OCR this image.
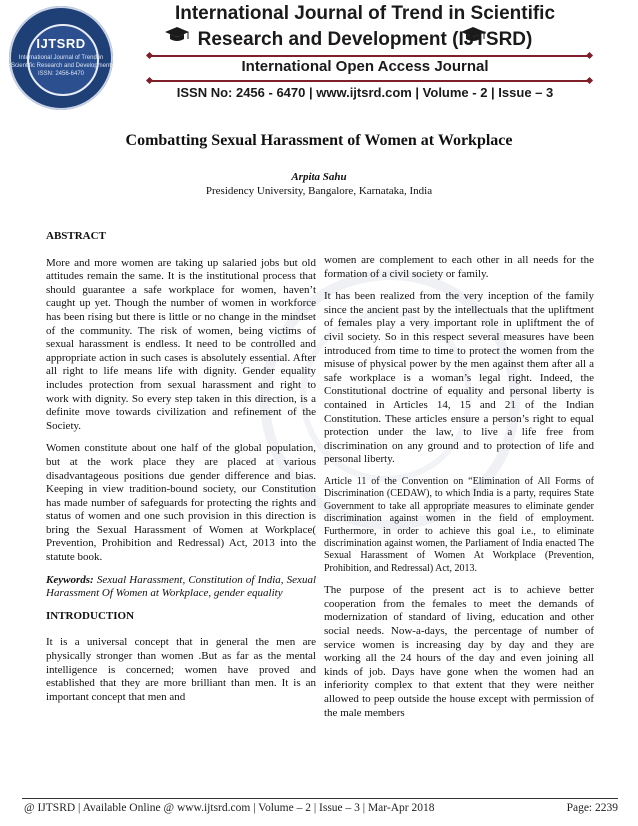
IJTSRD
International Journal of Trend in Scientific Research and Development ISSN: 2456-6470
International Journal of Trend in Scientific
Research and Development (IJTSRD)
International Open Access Journal
ISSN No: 2456 - 6470 | www.ijtsrd.com | Volume - 2 | Issue – 3
Combatting Sexual Harassment of Women at Workplace
Arpita Sahu
Presidency University, Bangalore, Karnataka, India
ABSTRACT

More and more women are taking up salaried jobs but old attitudes remain the same. It is the institutional process that should guarantee a safe workplace for women, haven’t caught up yet. Though the number of women in workforce has been rising but there is little or no change in the mindset of the community. The risk of women, being victims of sexual harassment is endless. It need to be controlled and appropriate action in such cases is absolutely essential. After all right to life means life with dignity. Gender equality includes protection from sexual harassment and right to work with dignity. So every step taken in this direction, is a definite move towards civilization and refinement of the Society.

Women constitute about one half of the global population, but at the work place they are placed at various disadvantageous positions due gender difference and bias. Keeping in view tradition-bound society, our Constitution has made number of safeguards for protecting the rights and status of women and one such provision in this direction is bring the Sexual Harassment of Women at Workplace( Prevention, Prohibition and Redressal) Act, 2013 into the statute book.

Keywords: Sexual Harassment, Constitution of India, Sexual Harassment Of Women at Workplace, gender equality

INTRODUCTION

It is a universal concept that in general the men are physically stronger than women .But as far as the mental intelligence is concerned; women have proved and established that they are more brilliant than men. It is an important concept that men and

women are complement to each other in all needs for the formation of a civil society or family.

It has been realized from the very inception of the family since the ancient past by the intellectuals that the upliftment of females play a very important role in upliftment the of civil society. So in this respect several measures have been introduced from time to time to protect the women from the misuse of physical power by the men against them after all a safe workplace is a woman’s legal right. Indeed, the Constitutional doctrine of equality and personal liberty is contained in Articles 14, 15 and 21 of the Indian Constitution. These articles ensure a person’s right to equal protection under the law, to live a life free from discrimination on any ground and to protection of life and personal liberty.

Article 11 of the Convention on “Elimination of All Forms of Discrimination (CEDAW), to which India is a party, requires State Government to take all appropriate measures to eliminate gender discrimination against women in the field of employment. Furthermore, in order to achieve this goal i.e., to eliminate discrimination against women, the Parliament of India enacted The Sexual Harassment of Women At Workplace (Prevention, Prohibition, and Redressal) Act, 2013.

The purpose of the present act is to achieve better cooperation from the females to meet the demands of modernization of standard of living, education and other social needs. Now-a-days, the percentage of number of service women is increasing day by day and they are working all the 24 hours of the day and even joining all kinds of job. Days have gone when the women had an inferiority complex to that extent that they were neither allowed to peep outside the house except with permission of the male members

@ IJTSRD | Available Online @ www.ijtsrd.com | Volume – 2 | Issue – 3 | Mar-Apr 2018	Page: 2239
